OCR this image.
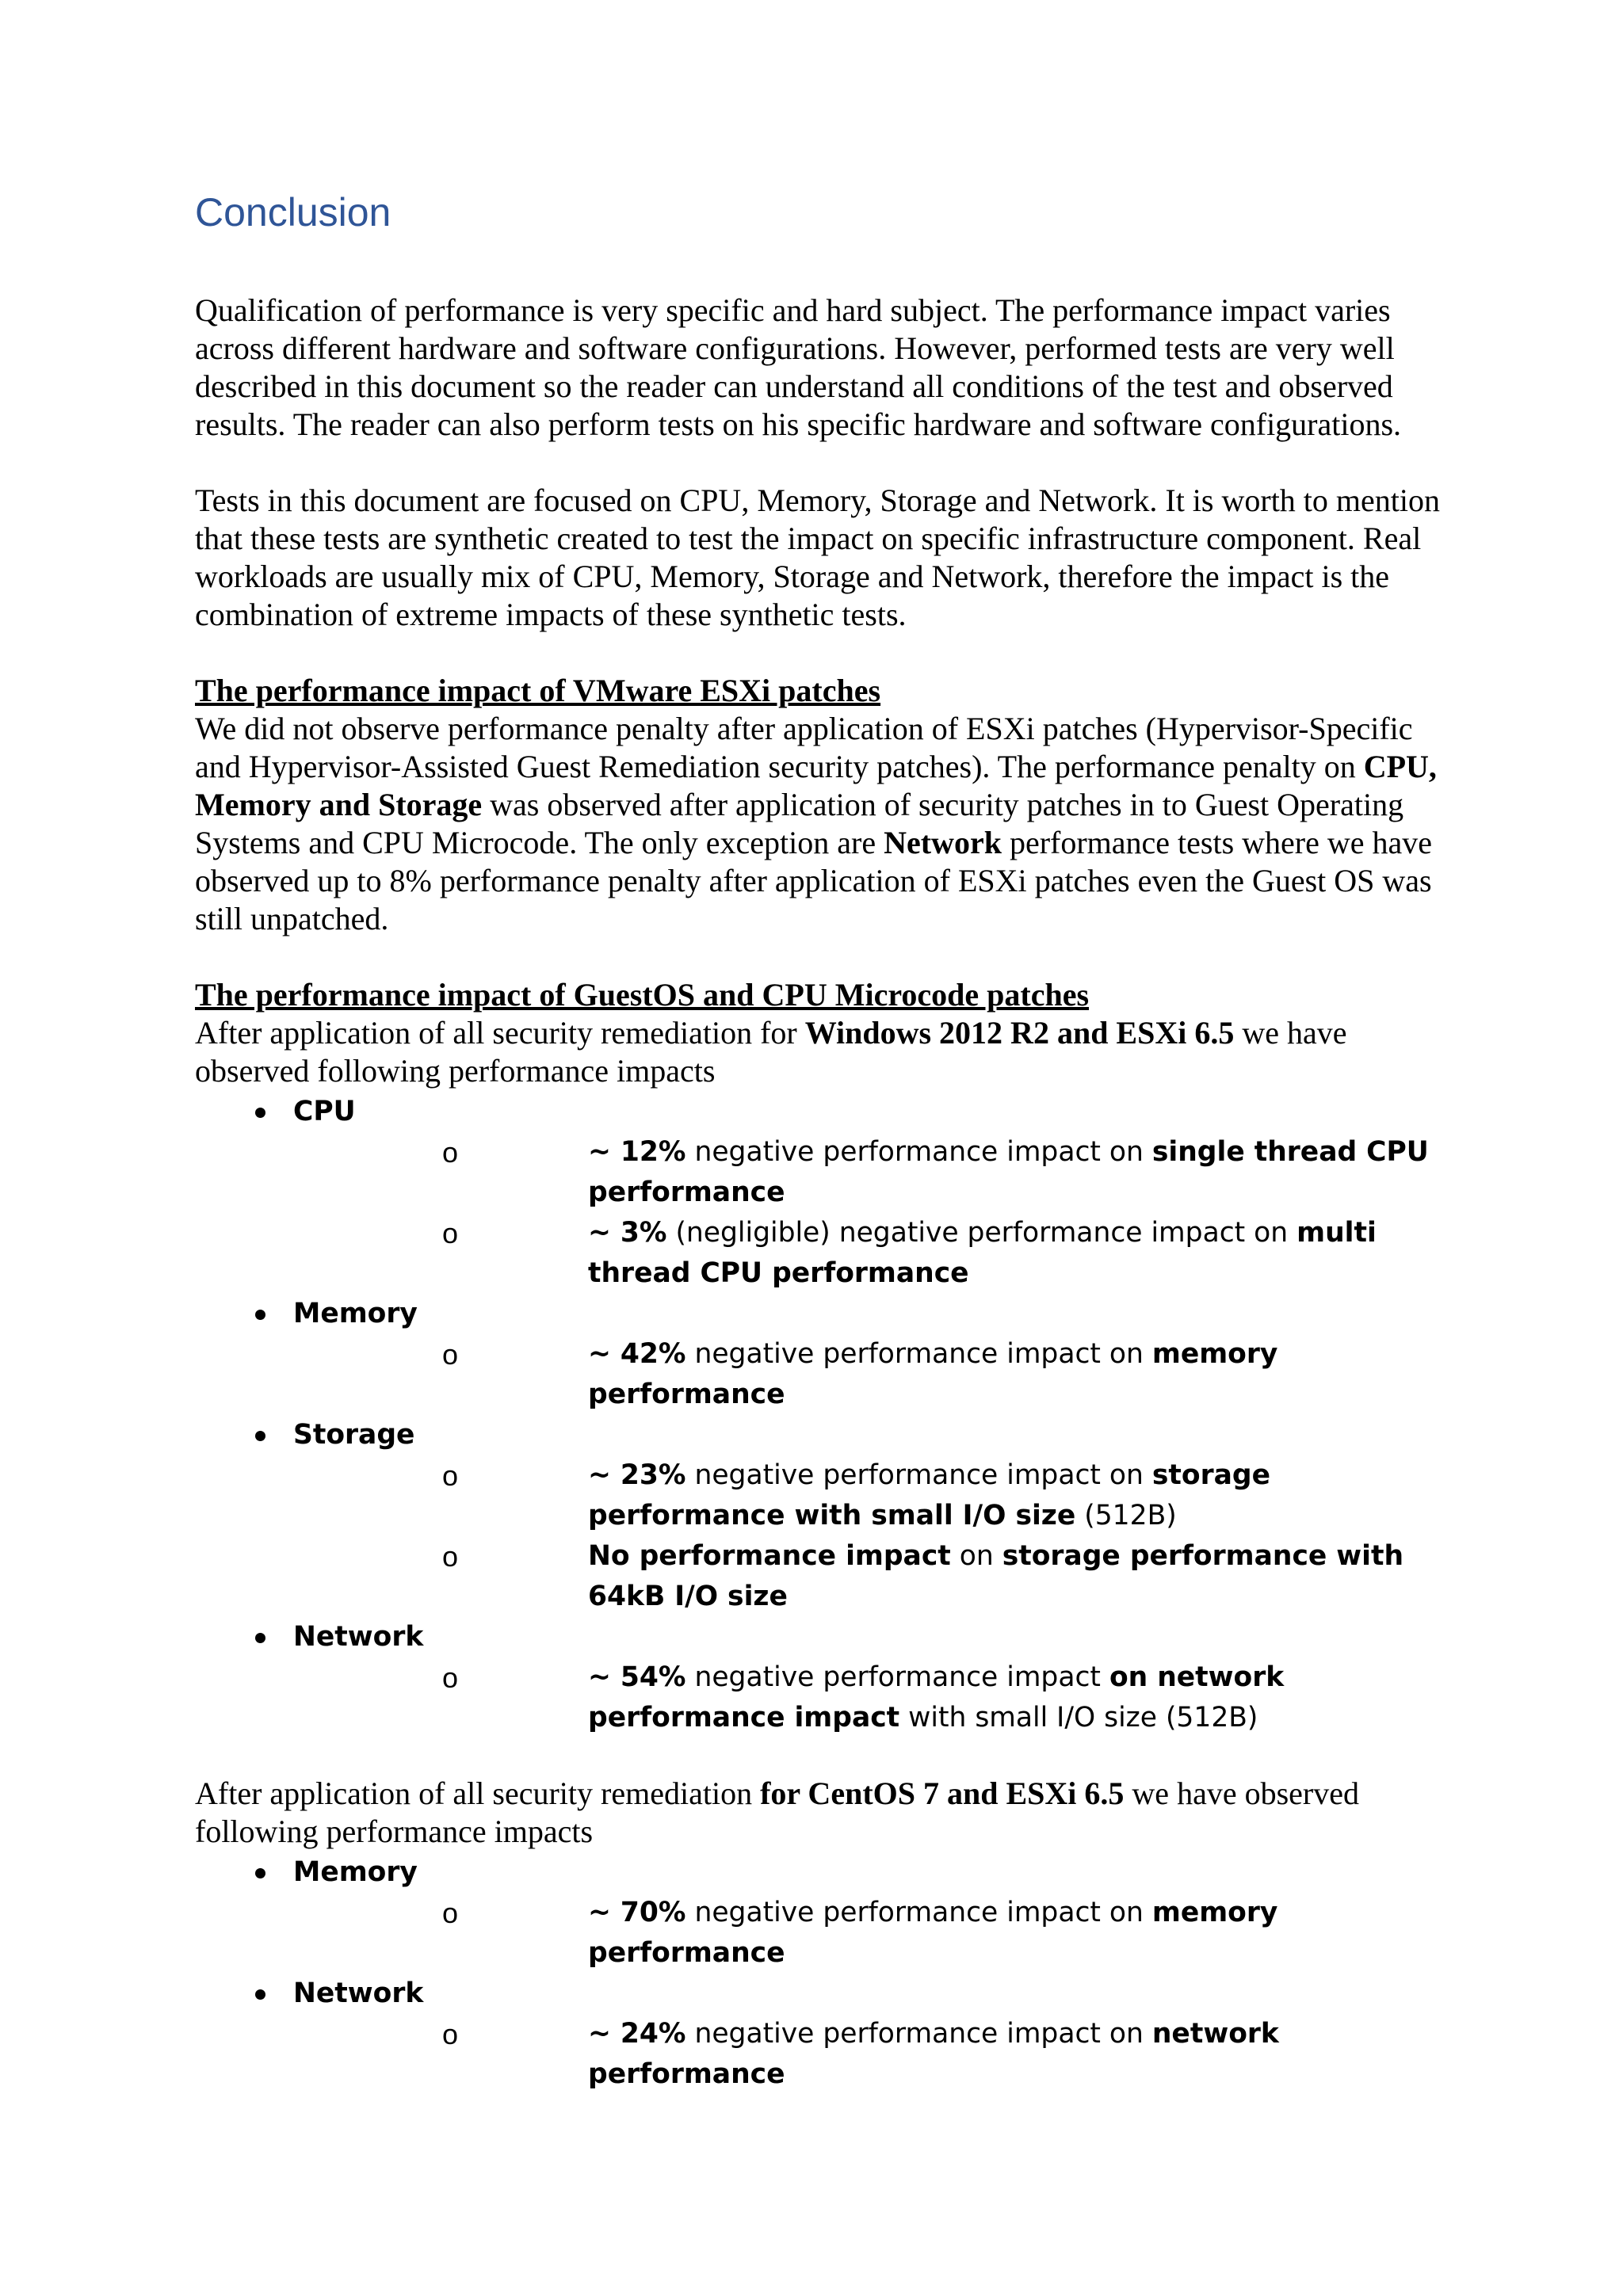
Conclusion

Qualification of performance is very specific and hard subject. The performance impact varies across different hardware and software configurations. However, performed tests are very well described in this document so the reader can understand all conditions of the test and observed results. The reader can also perform tests on his specific hardware and software configurations.

Tests in this document are focused on CPU, Memory, Storage and Network. It is worth to mention that these tests are synthetic created to test the impact on specific infrastructure component. Real workloads are usually mix of CPU, Memory, Storage and Network, therefore the impact is the combination of extreme impacts of these synthetic tests.

The performance impact of VMware ESXi patches

We did not observe performance penalty after application of ESXi patches (Hypervisor-Specific and Hypervisor-Assisted Guest Remediation security patches). The performance penalty on CPU, Memory and Storage was observed after application of security patches in to Guest Operating Systems and CPU Microcode. The only exception are Network performance tests where we have observed up to 8% performance penalty after application of ESXi patches even the Guest OS was still unpatched.

The performance impact of GuestOS and CPU Microcode patches

After application of all security remediation for Windows 2012 R2 and ESXi 6.5 we have observed following performance impacts

CPU
o	~ 12% negative performance impact on single thread CPU performance
o	~ 3% (negligible) negative performance impact on multi thread CPU performance
Memory
o	~ 42% negative performance impact on memory performance
Storage
o	~ 23% negative performance impact on storage performance with small I/O size (512B)
o	No performance impact on storage performance with 64kB I/O size
Network
o	~ 54% negative performance impact on network performance impact with small I/O size (512B)

After application of all security remediation for CentOS 7 and ESXi 6.5 we have observed following performance impacts

Memory
o	~ 70% negative performance impact on memory performance
Network
o	~ 24% negative performance impact on network performance
